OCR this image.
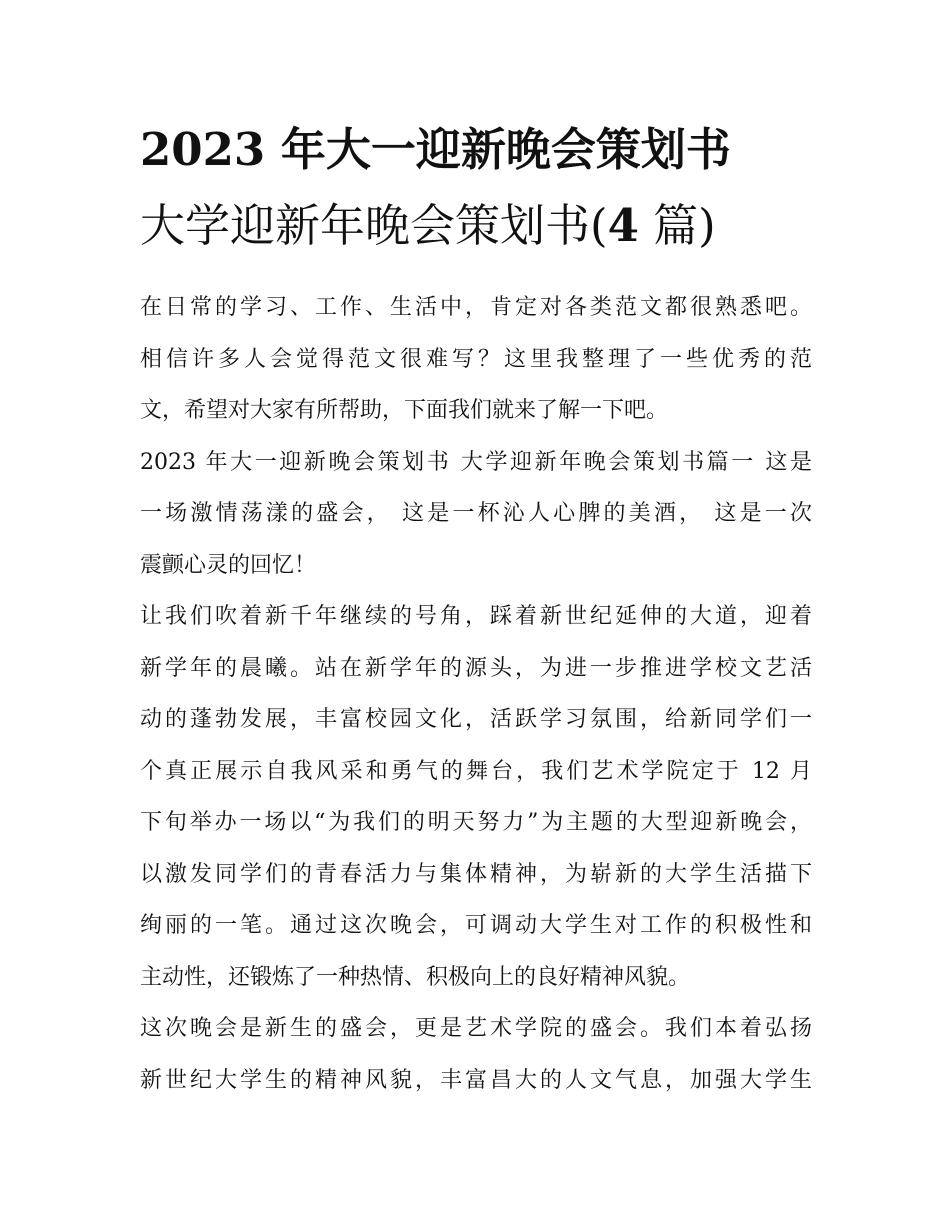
2023 年大一迎新晚会策划书
大学迎新年晚会策划书(4 篇)

在日常的学习、工作、生活中，肯定对各类范文都很熟悉吧。
相信许多人会觉得范文很难写？这里我整理了一些优秀的范
文，希望对大家有所帮助，下面我们就来了解一下吧。

2023 年大一迎新晚会策划书 大学迎新年晚会策划书篇一 这是
一场激情荡漾的盛会， 这是一杯沁人心脾的美酒， 这是一次
震颤心灵的回忆！

让我们吹着新千年继续的号角，踩着新世纪延伸的大道，迎着
新学年的晨曦。站在新学年的源头，为进一步推进学校文艺活
动的蓬勃发展，丰富校园文化，活跃学习氛围，给新同学们一
个真正展示自我风采和勇气的舞台，我们艺术学院定于 12 月
下旬举办一场以“为我们的明天努力”为主题的大型迎新晚会，
以激发同学们的青春活力与集体精神，为崭新的大学生活描下
绚丽的一笔。通过这次晚会，可调动大学生对工作的积极性和
主动性，还锻炼了一种热情、积极向上的良好精神风貌。

这次晚会是新生的盛会，更是艺术学院的盛会。我们本着弘扬
新世纪大学生的精神风貌，丰富昌大的人文气息，加强大学生
